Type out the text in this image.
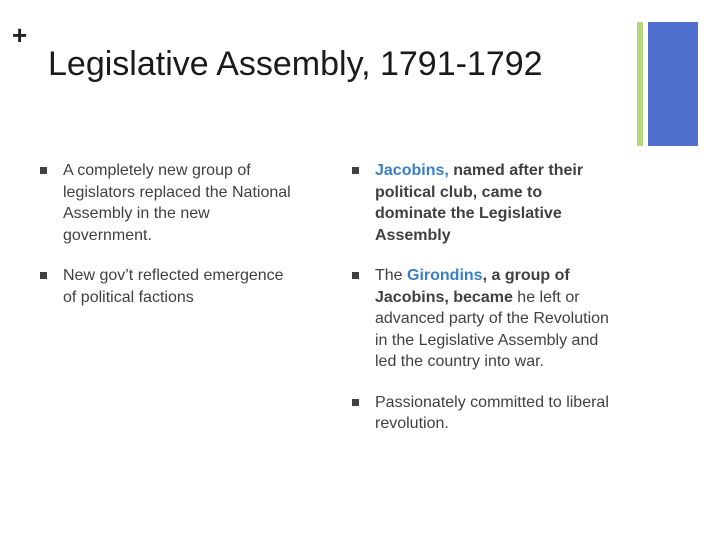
+
Legislative Assembly, 1791-1792
A completely new group of legislators replaced the National Assembly in the new government.
New gov’t reflected emergence of political factions
Jacobins, named after their political club, came to dominate the Legislative Assembly
The Girondins, a group of Jacobins, became he left or advanced party of the Revolution in the Legislative Assembly and led the country into war.
Passionately committed to liberal revolution.
